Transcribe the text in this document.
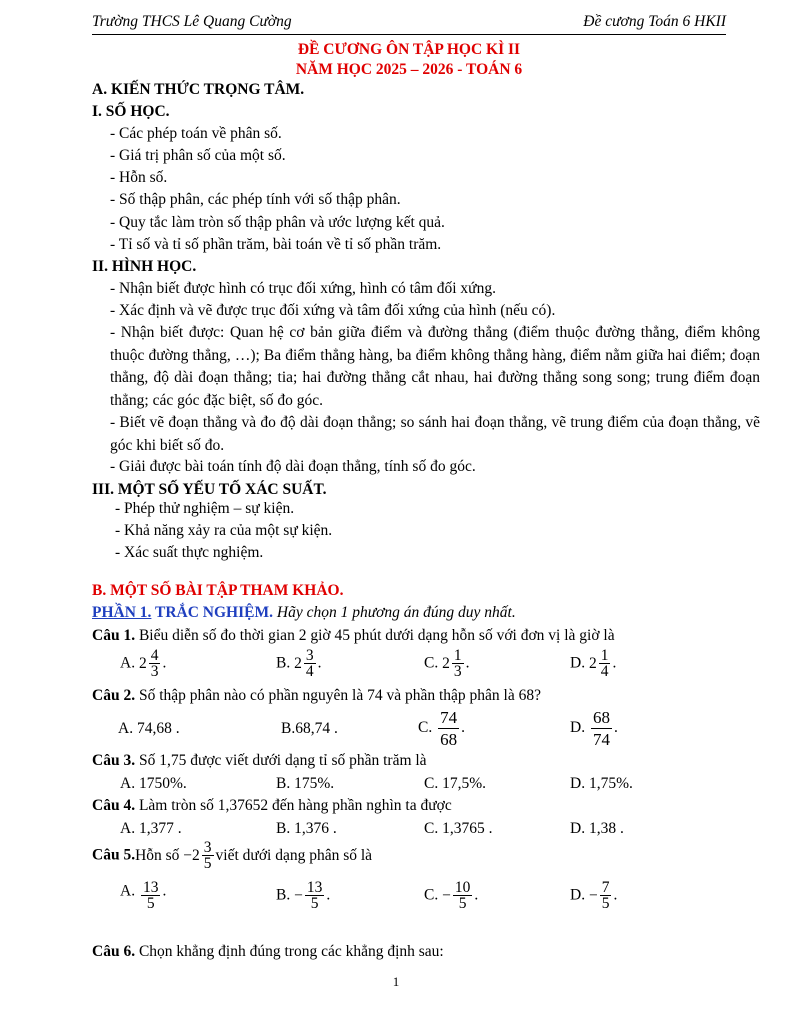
Trường THCS Lê Quang Cường	Đề cương Toán 6 HKII
ĐỀ CƯƠNG ÔN TẬP HỌC KÌ II
NĂM HỌC 2025 – 2026 - TOÁN 6
A. KIẾN THỨC TRỌNG TÂM.
I. SỐ HỌC.
- Các phép toán về phân số.
- Giá trị phân số của một số.
- Hỗn số.
- Số thập phân, các phép tính với số thập phân.
- Quy tắc làm tròn số thập phân và ước lượng kết quả.
- Tỉ số và tỉ số phần trăm, bài toán về tỉ số phần trăm.
II. HÌNH HỌC.
- Nhận biết được hình có trục đối xứng, hình có tâm đối xứng.
- Xác định và vẽ được trục đối xứng và tâm đối xứng của hình (nếu có).
- Nhận biết được: Quan hệ cơ bản giữa điểm và đường thẳng (điểm thuộc đường thẳng, điểm không thuộc đường thẳng, …); Ba điểm thẳng hàng, ba điểm không thẳng hàng, điểm nằm giữa hai điểm; đoạn thẳng, độ dài đoạn thẳng; tia; hai đường thẳng cắt nhau, hai đường thẳng song song; trung điểm đoạn thẳng; các góc đặc biệt, số đo góc.
- Biết vẽ đoạn thẳng và đo độ dài đoạn thẳng; so sánh hai đoạn thẳng, vẽ trung điểm của đoạn thẳng, vẽ góc khi biết số đo.
- Giải được bài toán tính độ dài đoạn thẳng, tính số đo góc.
III. MỘT SỐ YẾU TỐ XÁC SUẤT.
- Phép thử nghiệm – sự kiện.
- Khả năng xảy ra của một sự kiện.
- Xác suất thực nghiệm.
B. MỘT SỐ BÀI TẬP THAM KHẢO.
PHẦN 1. TRẮC NGHIỆM. Hãy chọn 1 phương án đúng duy nhất.
Câu 1. Biểu diễn số đo thời gian 2 giờ 45 phút dưới dạng hỗn số với đơn vị là giờ là
A. $2 \frac{4}{3}$ .	B. $2 \frac{3}{4}$ .	C. $2 \frac{1}{3}$ .	D. $2 \frac{1}{4}$ .
Câu 2. Số thập phân nào có phần nguyên là 74 và phần thập phân là 68?
A. 74,68 .	B.68,74 .	C. $\frac{74}{68}$ .	D. $\frac{68}{74}$ .
Câu 3. Số 1,75 được viết dưới dạng tỉ số phần trăm là
A. 1750%.	B. 175%.	C. 17,5%.	D. 1,75%.
Câu 4. Làm tròn số 1,37652 đến hàng phần nghìn ta được
A. 1,377 .	B. 1,376 .	C. 1,3765 .	D. 1,38 .
Câu 5. Hỗn số $-2 \frac{3}{5}$ viết dưới dạng phân số là
A. $\frac{13}{5}$ .	B. − $\frac{13}{5}$ .	C. − $\frac{10}{5}$ .	D. − $\frac{7}{5}$ .
Câu 6. Chọn khẳng định đúng trong các khẳng định sau:
1
